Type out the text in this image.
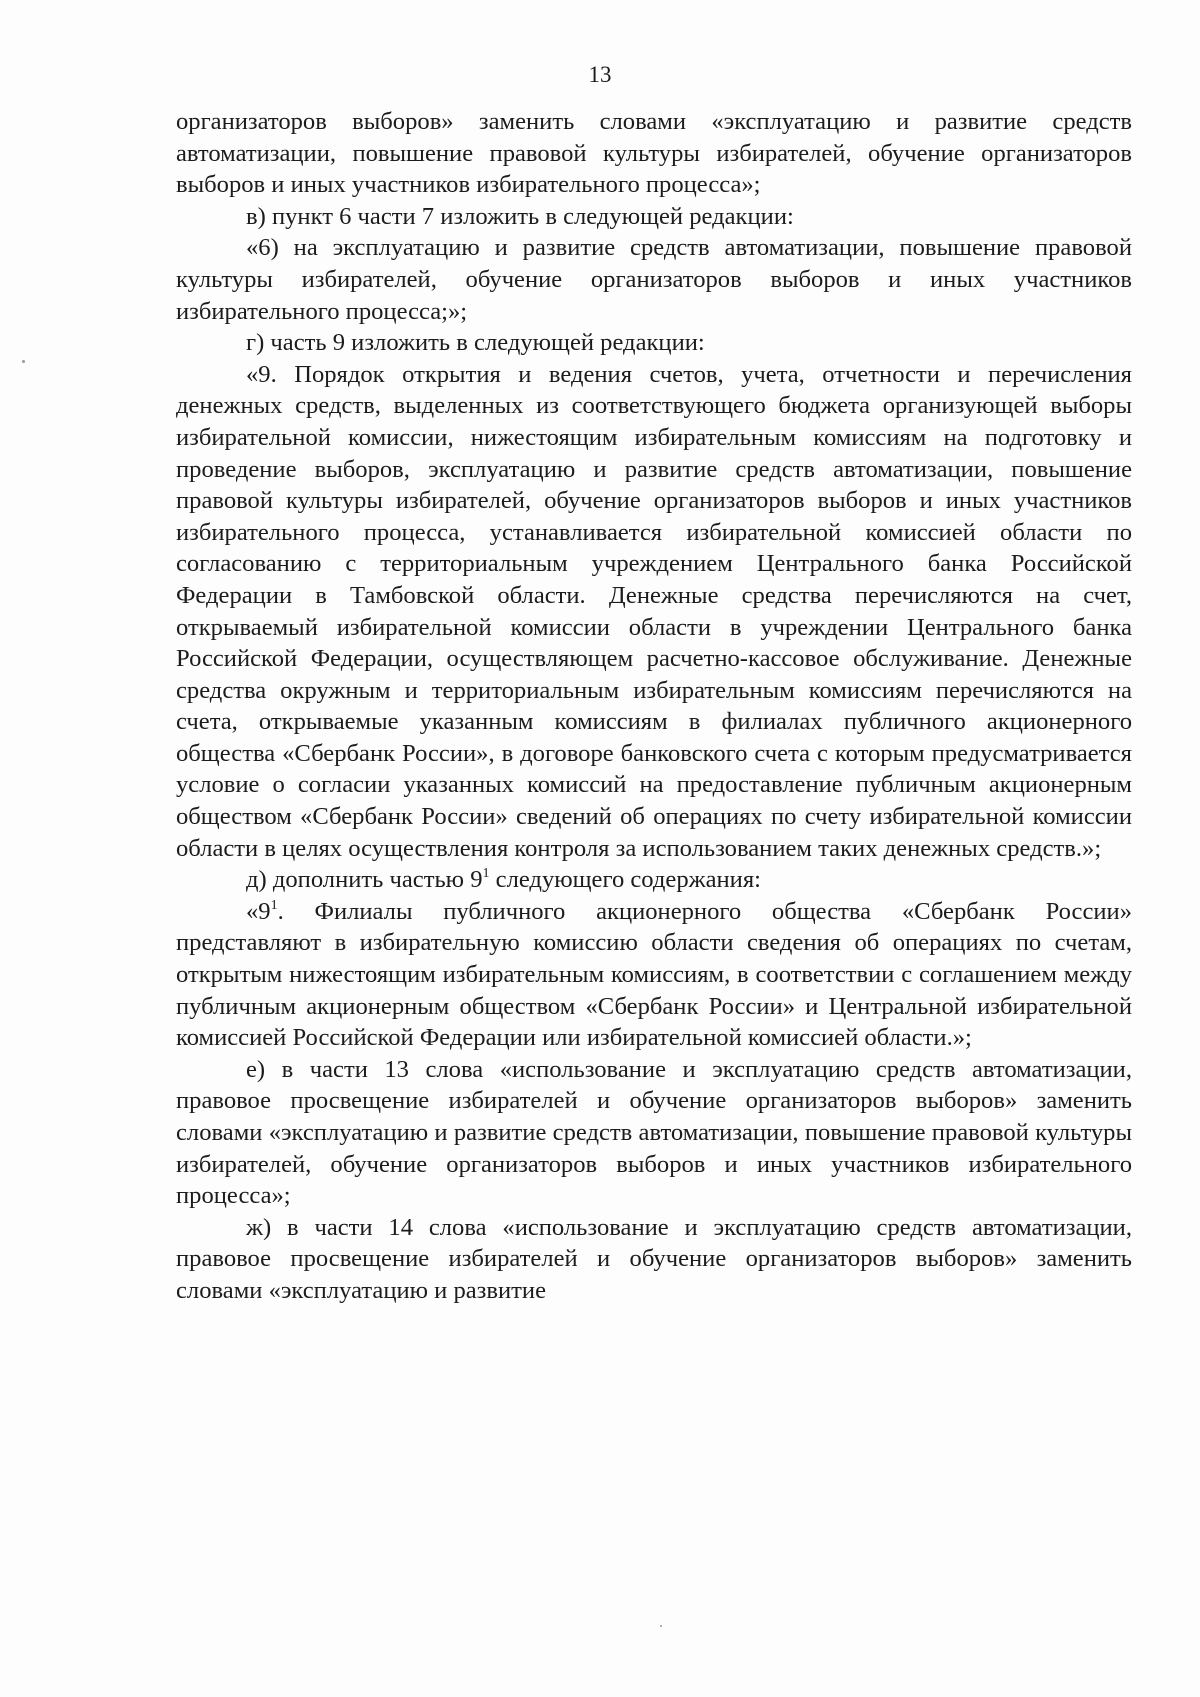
13

организаторов выборов» заменить словами «эксплуатацию и развитие средств автоматизации, повышение правовой культуры избирателей, обучение организаторов выборов и иных участников избирательного процесса»;

в) пункт 6 части 7 изложить в следующей редакции:

«6) на эксплуатацию и развитие средств автоматизации, повышение правовой культуры избирателей, обучение организаторов выборов и иных участников избирательного процесса;»;

г) часть 9 изложить в следующей редакции:

«9. Порядок открытия и ведения счетов, учета, отчетности и перечисления денежных средств, выделенных из соответствующего бюджета организующей выборы избирательной комиссии, нижестоящим избирательным комиссиям на подготовку и проведение выборов, эксплуатацию и развитие средств автоматизации, повышение правовой культуры избирателей, обучение организаторов выборов и иных участников избирательного процесса, устанавливается избирательной комиссией области по согласованию с территориальным учреждением Центрального банка Российской Федерации в Тамбовской области. Денежные средства перечисляются на счет, открываемый избирательной комиссии области в учреждении Центрального банка Российской Федерации, осуществляющем расчетно-кассовое обслуживание. Денежные средства окружным и территориальным избирательным комиссиям перечисляются на счета, открываемые указанным комиссиям в филиалах публичного акционерного общества «Сбербанк России», в договоре банковского счета с которым предусматривается условие о согласии указанных комиссий на предоставление публичным акционерным обществом «Сбербанк России» сведений об операциях по счету избирательной комиссии области в целях осуществления контроля за использованием таких денежных средств.»;

д) дополнить частью $9^1$ следующего содержания:

«$9^1$. Филиалы публичного акционерного общества «Сбербанк России» представляют в избирательную комиссию области сведения об операциях по счетам, открытым нижестоящим избирательным комиссиям, в соответствии с соглашением между публичным акционерным обществом «Сбербанк России» и Центральной избирательной комиссией Российской Федерации или избирательной комиссией области.»;

е) в части 13 слова «использование и эксплуатацию средств автоматизации, правовое просвещение избирателей и обучение организаторов выборов» заменить словами «эксплуатацию и развитие средств автоматизации, повышение правовой культуры избирателей, обучение организаторов выборов и иных участников избирательного процесса»;

ж) в части 14 слова «использование и эксплуатацию средств автоматизации, правовое просвещение избирателей и обучение организаторов выборов» заменить словами «эксплуатацию и развитие
